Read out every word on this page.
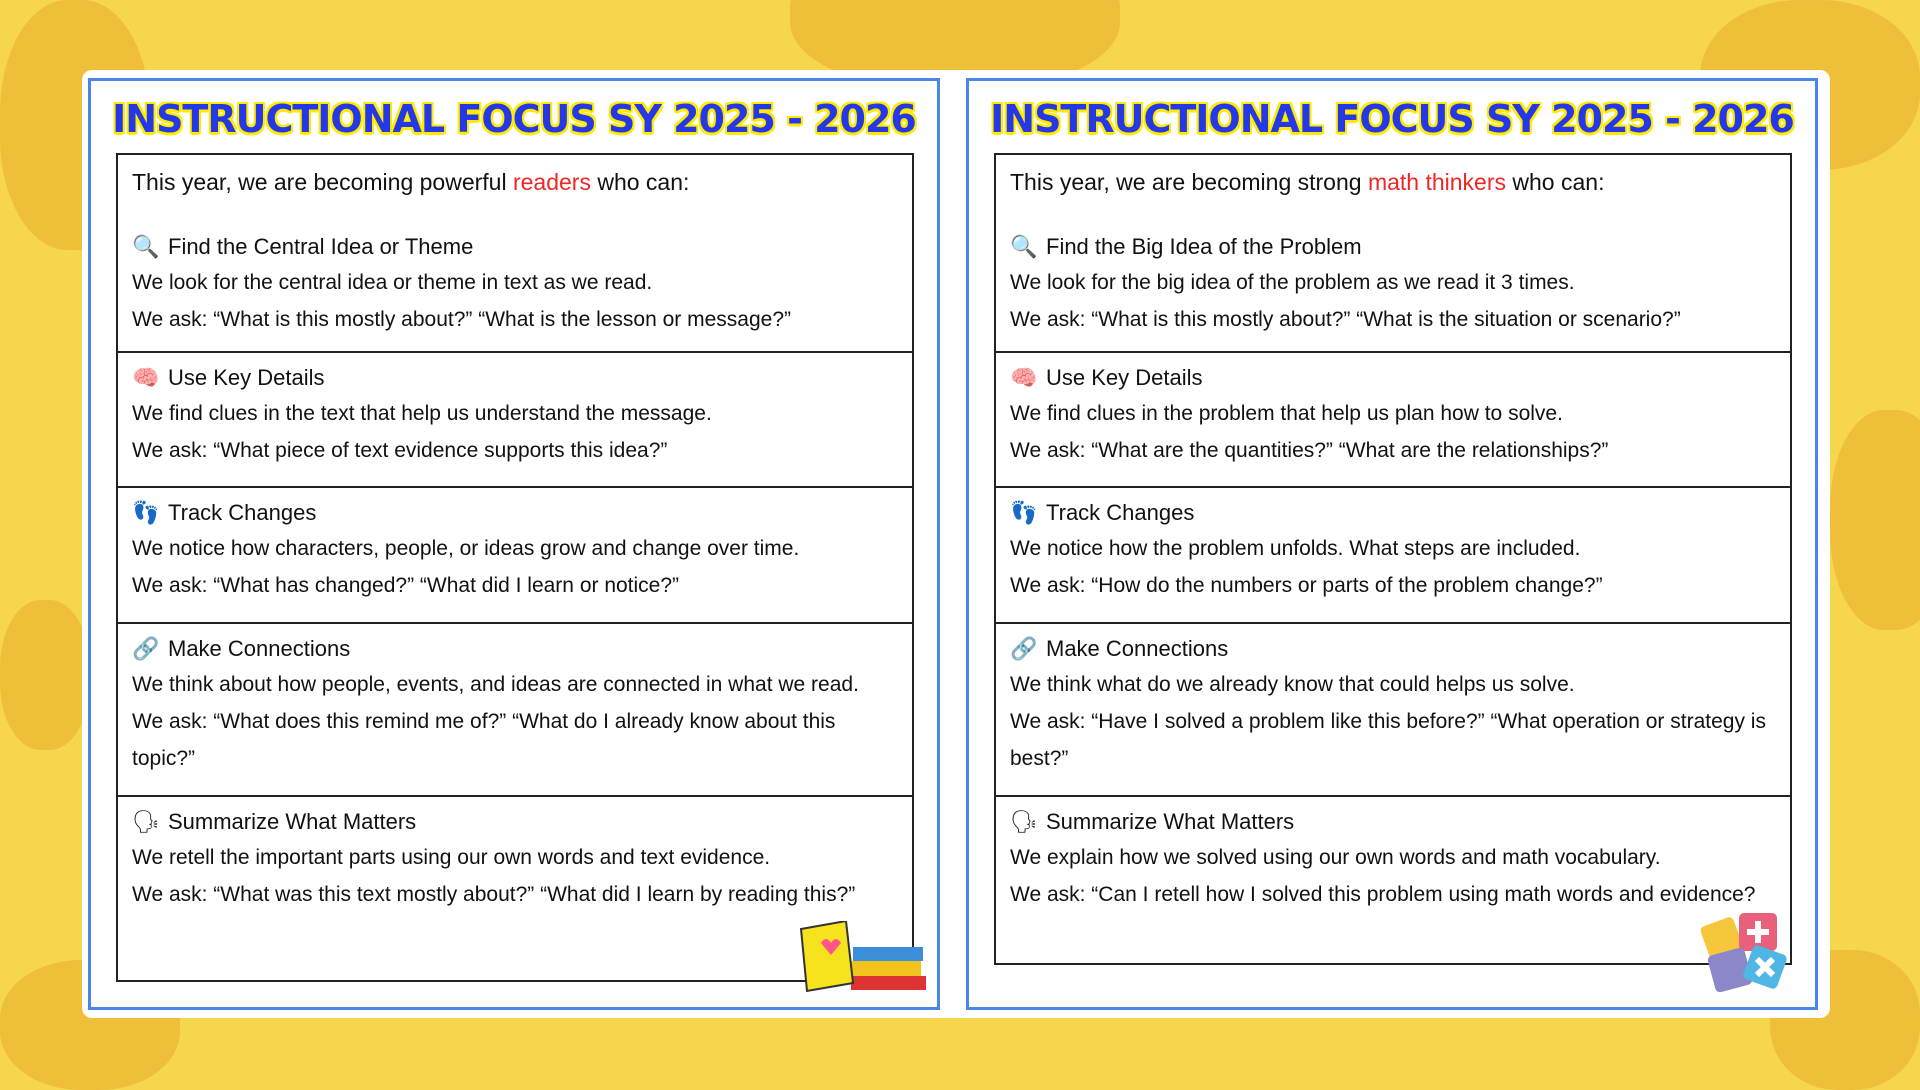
INSTRUCTIONAL FOCUS SY 2025 - 2026
This year, we are becoming powerful readers who can:
🔍 Find the Central Idea or Theme
We look for the central idea or theme in text as we read.
We ask: “What is this mostly about?” “What is the lesson or message?”
🧠 Use Key Details
We find clues in the text that help us understand the message.
We ask: “What piece of text evidence supports this idea?”
👣 Track Changes
We notice how characters, people, or ideas grow and change over time.
We ask: “What has changed?” “What did I learn or notice?”
🔗 Make Connections
We think about how people, events, and ideas are connected in what we read.
We ask: “What does this remind me of?” “What do I already know about this topic?”
🗣 Summarize What Matters
We retell the important parts using our own words and text evidence.
We ask: “What was this text mostly about?” “What did I learn by reading this?”
INSTRUCTIONAL FOCUS SY 2025 - 2026
This year, we are becoming strong math thinkers who can:
🔍 Find the Big Idea of the Problem
We look for the big idea of the problem as we read it 3 times.
We ask: “What is this mostly about?” “What is the situation or scenario?”
🧠 Use Key Details
We find clues in the problem that help us plan how to solve.
We ask: “What are the quantities?” “What are the relationships?”
👣 Track Changes
We notice how the problem unfolds. What steps are included.
We ask: “How do the numbers or parts of the problem change?”
🔗 Make Connections
We think what do we already know that could helps us solve.
We ask: “Have I solved a problem like this before?” “What operation or strategy is best?”
🗣 Summarize What Matters
We explain how we solved using our own words and math vocabulary.
We ask: “Can I retell how I solved this problem using math words and evidence?
